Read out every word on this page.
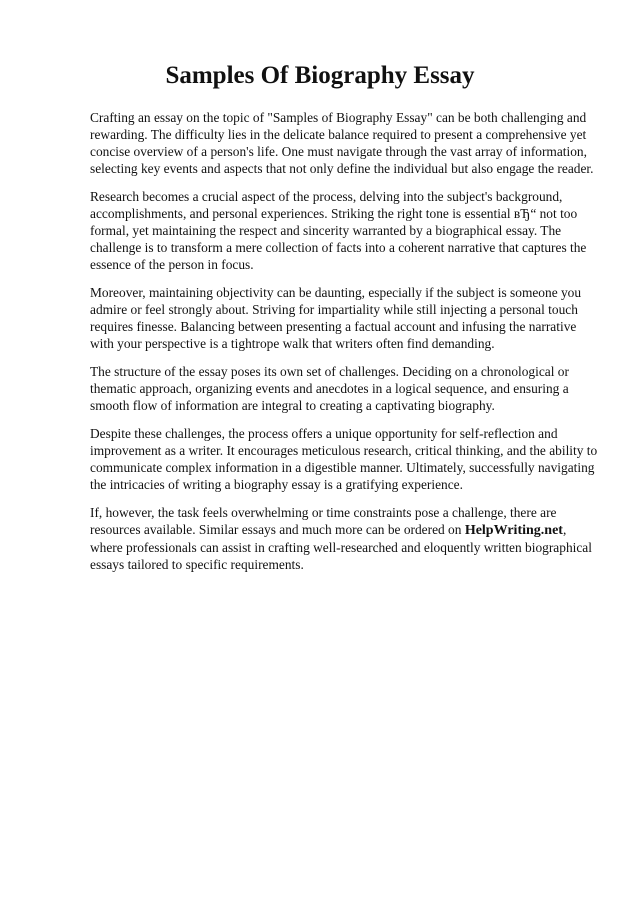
Samples Of Biography Essay

Crafting an essay on the topic of "Samples of Biography Essay" can be both challenging and rewarding. The difficulty lies in the delicate balance required to present a comprehensive yet concise overview of a person's life. One must navigate through the vast array of information, selecting key events and aspects that not only define the individual but also engage the reader.

Research becomes a crucial aspect of the process, delving into the subject's background, accomplishments, and personal experiences. Striking the right tone is essential вЂ“ not too formal, yet maintaining the respect and sincerity warranted by a biographical essay. The challenge is to transform a mere collection of facts into a coherent narrative that captures the essence of the person in focus.

Moreover, maintaining objectivity can be daunting, especially if the subject is someone you admire or feel strongly about. Striving for impartiality while still injecting a personal touch requires finesse. Balancing between presenting a factual account and infusing the narrative with your perspective is a tightrope walk that writers often find demanding.

The structure of the essay poses its own set of challenges. Deciding on a chronological or thematic approach, organizing events and anecdotes in a logical sequence, and ensuring a smooth flow of information are integral to creating a captivating biography.

Despite these challenges, the process offers a unique opportunity for self-reflection and improvement as a writer. It encourages meticulous research, critical thinking, and the ability to communicate complex information in a digestible manner. Ultimately, successfully navigating the intricacies of writing a biography essay is a gratifying experience.

If, however, the task feels overwhelming or time constraints pose a challenge, there are resources available. Similar essays and much more can be ordered on HelpWriting.net, where professionals can assist in crafting well-researched and eloquently written biographical essays tailored to specific requirements.
